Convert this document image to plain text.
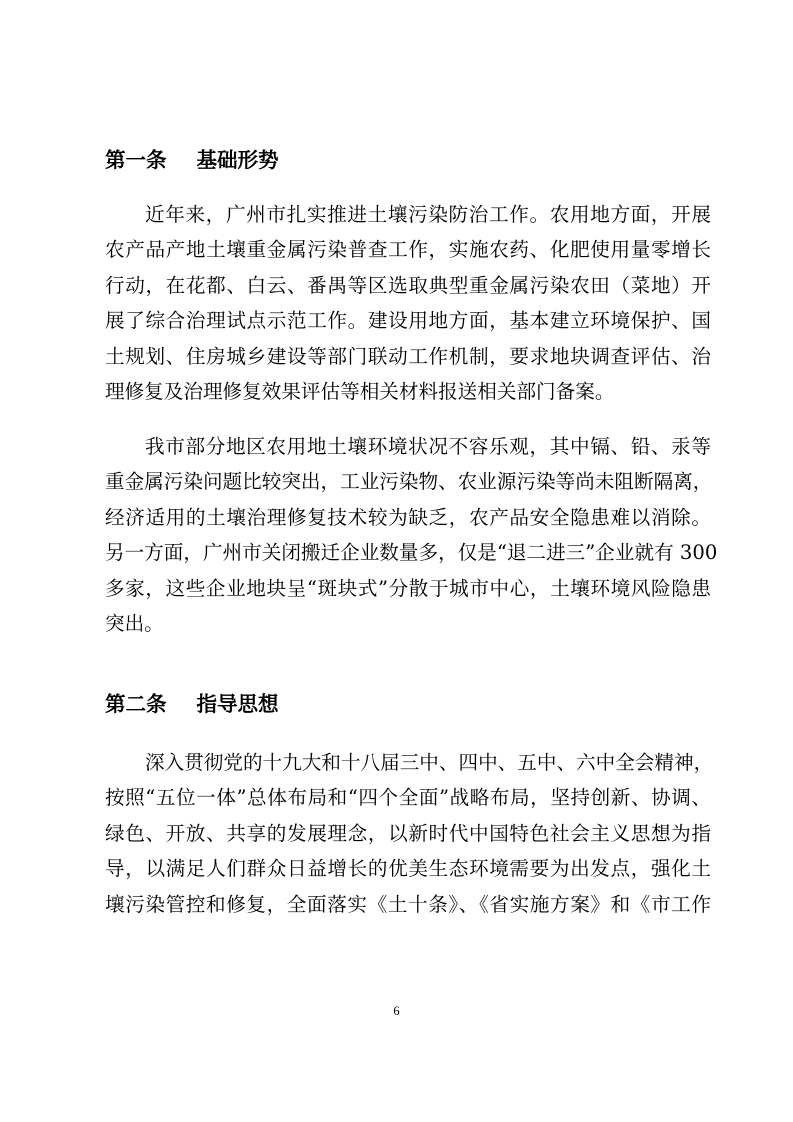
第一条 基础形势
近年来，广州市扎实推进土壤污染防治工作。农用地方面，开展
农产品产地土壤重金属污染普查工作，实施农药、化肥使用量零增长
行动，在花都、白云、番禺等区选取典型重金属污染农田（菜地）开
展了综合治理试点示范工作。建设用地方面，基本建立环境保护、国
土规划、住房城乡建设等部门联动工作机制，要求地块调查评估、治
理修复及治理修复效果评估等相关材料报送相关部门备案。
我市部分地区农用地土壤环境状况不容乐观，其中镉、铅、汞等
重金属污染问题比较突出，工业污染物、农业源污染等尚未阻断隔离，
经济适用的土壤治理修复技术较为缺乏，农产品安全隐患难以消除。
另一方面，广州市关闭搬迁企业数量多，仅是“退二进三”企业就有 300
多家，这些企业地块呈“斑块式”分散于城市中心，土壤环境风险隐患
突出。
第二条 指导思想
深入贯彻党的十九大和十八届三中、四中、五中、六中全会精神，
按照“五位一体”总体布局和“四个全面”战略布局，坚持创新、协调、
绿色、开放、共享的发展理念，以新时代中国特色社会主义思想为指
导，以满足人们群众日益增长的优美生态环境需要为出发点，强化土
壤污染管控和修复，全面落实《土十条》、《省实施方案》和《市工作
6
